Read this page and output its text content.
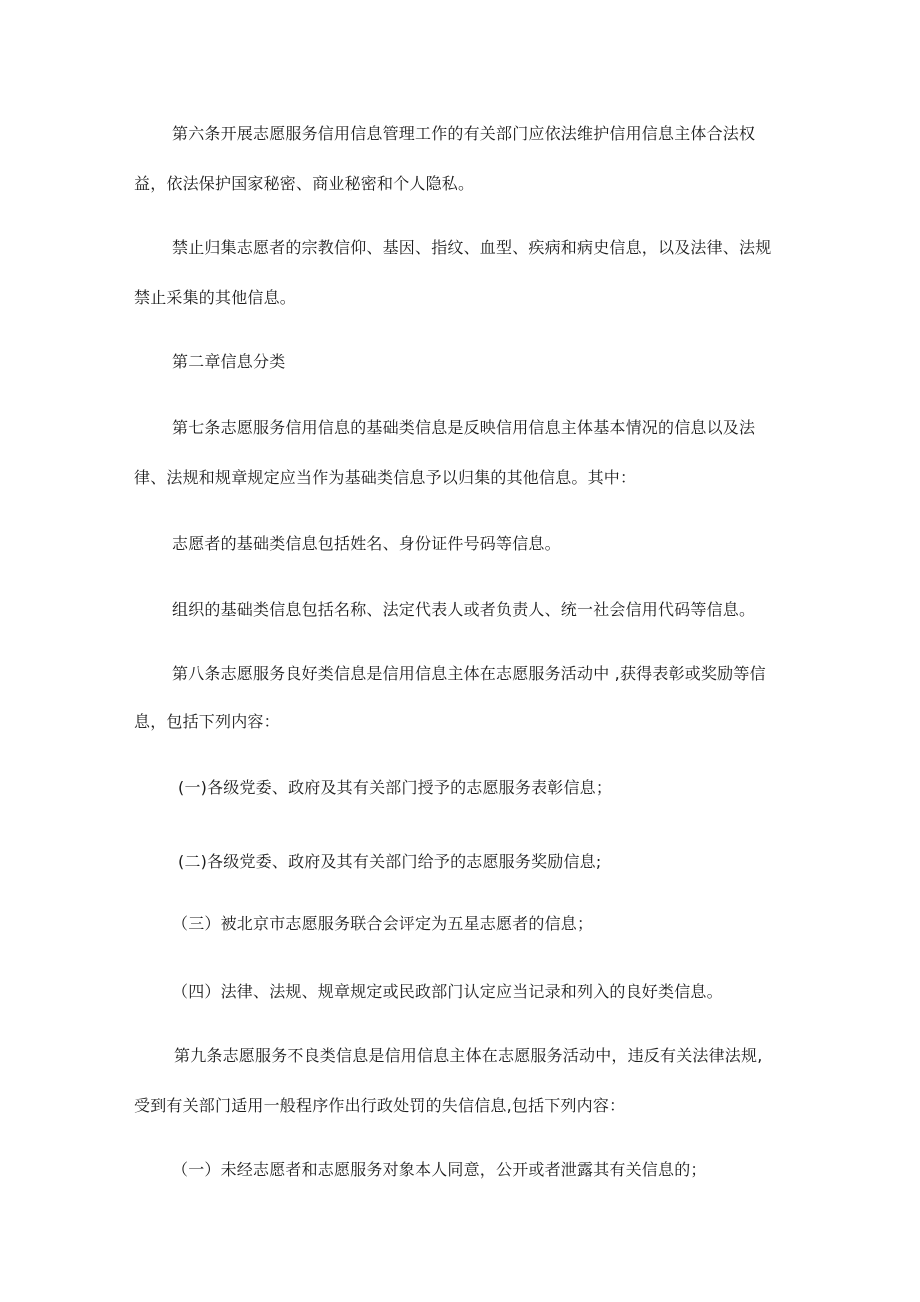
第六条开展志愿服务信用信息管理工作的有关部门应依法维护信用信息主体合法权
益，依法保护国家秘密、商业秘密和个人隐私。
禁止归集志愿者的宗教信仰、基因、指纹、血型、疾病和病史信息，以及法律、法规
禁止采集的其他信息。
第二章信息分类
第七条志愿服务信用信息的基础类信息是反映信用信息主体基本情况的信息以及法
律、法规和规章规定应当作为基础类信息予以归集的其他信息。其中：
志愿者的基础类信息包括姓名、身份证件号码等信息。
组织的基础类信息包括名称、法定代表人或者负责人、统一社会信用代码等信息。
第八条志愿服务良好类信息是信用信息主体在志愿服务活动中 ,获得表彰或奖励等信
息，包括下列内容：
(一)各级党委、政府及其有关部门授予的志愿服务表彰信息；
(二)各级党委、政府及其有关部门给予的志愿服务奖励信息;
（三）被北京市志愿服务联合会评定为五星志愿者的信息；
（四）法律、法规、规章规定或民政部门认定应当记录和列入的良好类信息。
第九条志愿服务不良类信息是信用信息主体在志愿服务活动中，违反有关法律法规,
受到有关部门适用一般程序作出行政处罚的失信信息,包括下列内容：
（一）未经志愿者和志愿服务对象本人同意，公开或者泄露其有关信息的；
